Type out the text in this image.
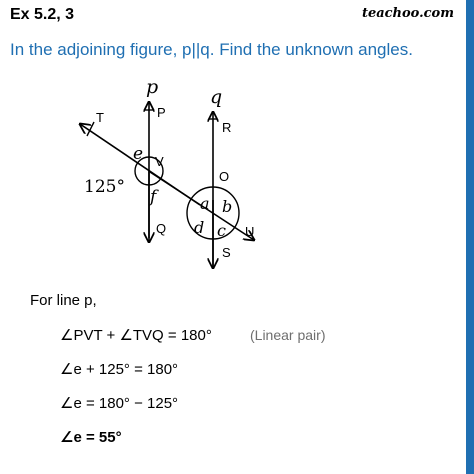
Ex 5.2, 3	teachoo.com
In the adjoining figure, p||q. Find the unknown angles.
p	q
P
R
T
V
O
Q	U
S
e
f
125°
a b
d c
For line p,
∠PVT + ∠TVQ = 180°	(Linear pair)
∠e + 125° = 180°
∠e = 180° − 125°
∠e = 55°
